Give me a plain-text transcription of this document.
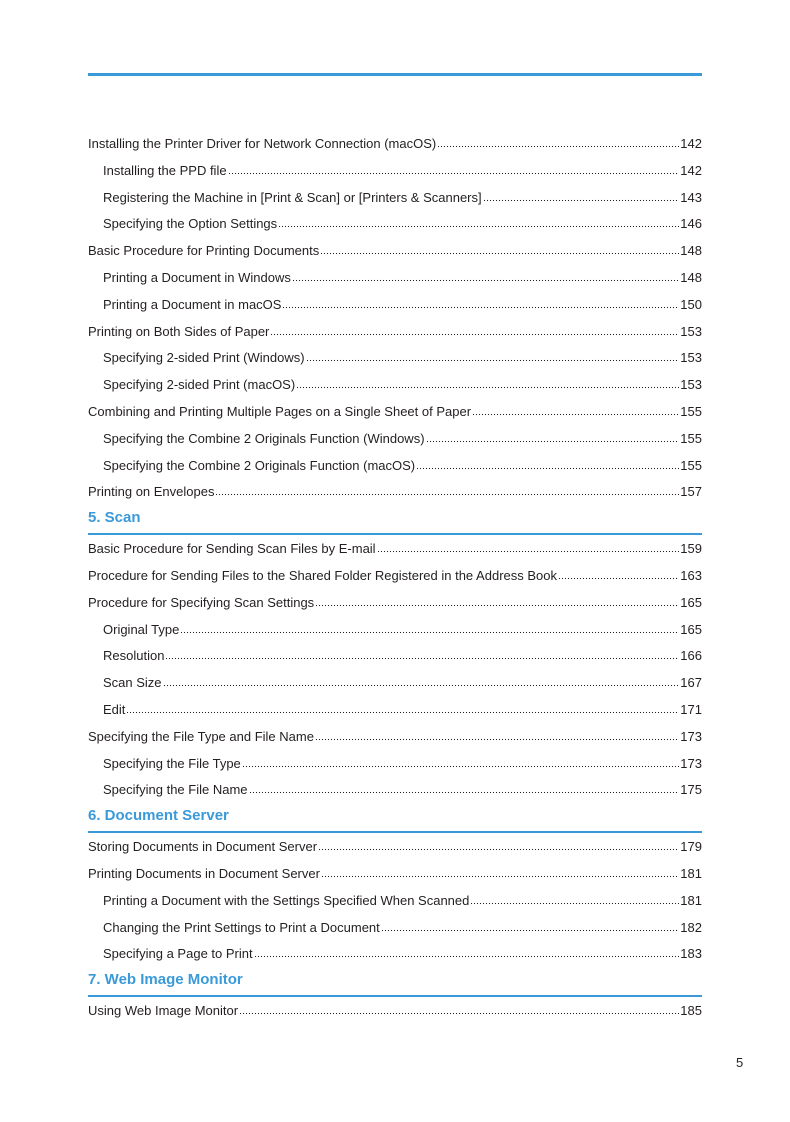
Installing the Printer Driver for Network Connection (macOS)	142
Installing the PPD file	142
Registering the Machine in [Print & Scan] or [Printers & Scanners]	143
Specifying the Option Settings	146
Basic Procedure for Printing Documents	148
Printing a Document in Windows	148
Printing a Document in macOS	150
Printing on Both Sides of Paper	153
Specifying 2-sided Print (Windows)	153
Specifying 2-sided Print (macOS)	153
Combining and Printing Multiple Pages on a Single Sheet of Paper	155
Specifying the Combine 2 Originals Function (Windows)	155
Specifying the Combine 2 Originals Function (macOS)	155
Printing on Envelopes	157
5. Scan
Basic Procedure for Sending Scan Files by E-mail	159
Procedure for Sending Files to the Shared Folder Registered in the Address Book	163
Procedure for Specifying Scan Settings	165
Original Type	165
Resolution	166
Scan Size	167
Edit	171
Specifying the File Type and File Name	173
Specifying the File Type	173
Specifying the File Name	175
6. Document Server
Storing Documents in Document Server	179
Printing Documents in Document Server	181
Printing a Document with the Settings Specified When Scanned	181
Changing the Print Settings to Print a Document	182
Specifying a Page to Print	183
7. Web Image Monitor
Using Web Image Monitor	185
5
